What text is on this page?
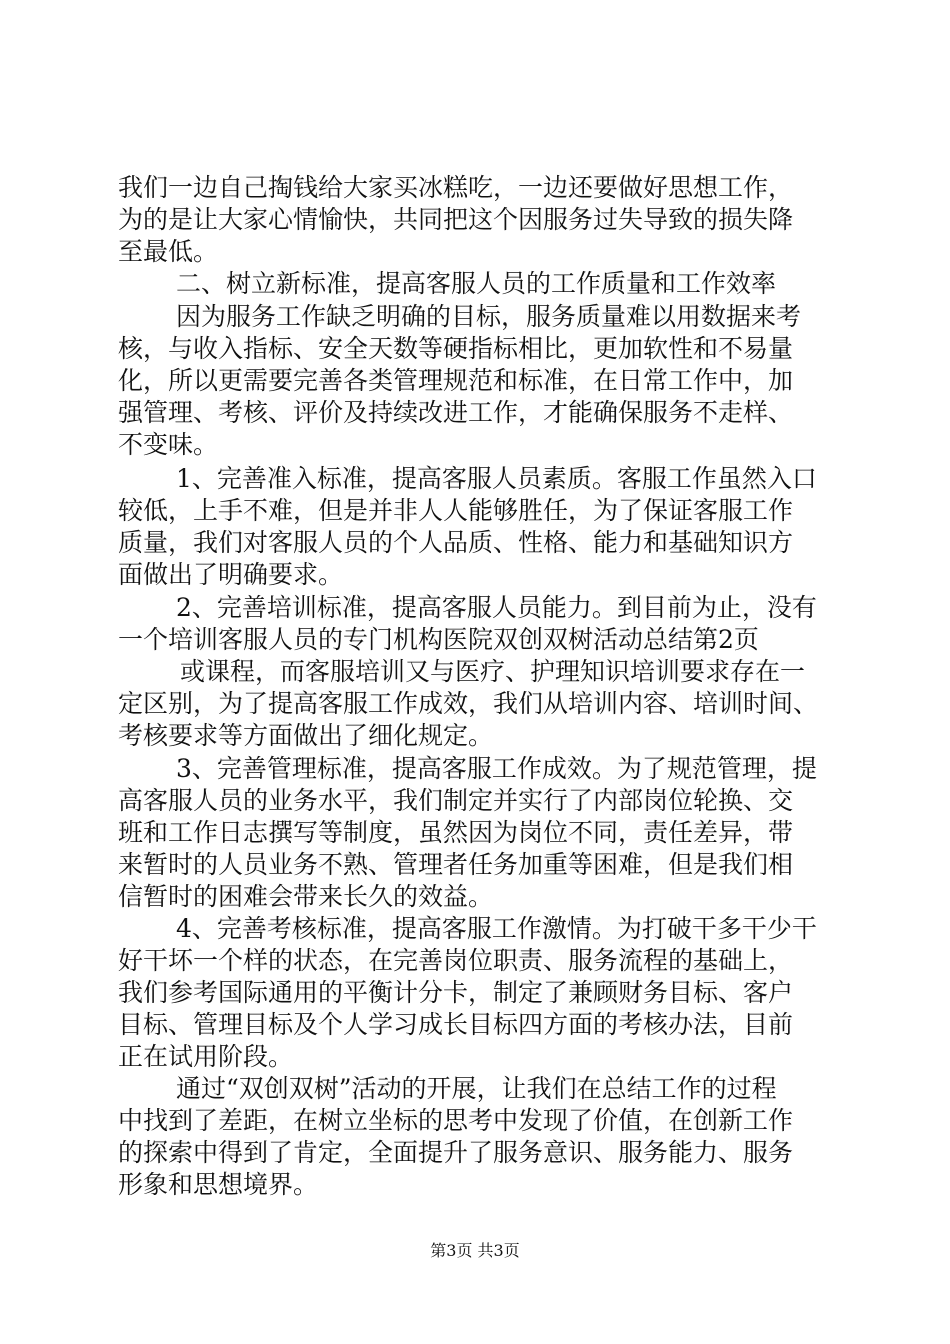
我们一边自己掏钱给大家买冰糕吃，一边还要做好思想工作，
为的是让大家心情愉快，共同把这个因服务过失导致的损失降
至最低。
二、树立新标准，提高客服人员的工作质量和工作效率
因为服务工作缺乏明确的目标，服务质量难以用数据来考
核，与收入指标、安全天数等硬指标相比，更加软性和不易量
化，所以更需要完善各类管理规范和标准，在日常工作中，加
强管理、考核、评价及持续改进工作，才能确保服务不走样、
不变味。
1、完善准入标准，提高客服人员素质。客服工作虽然入口
较低，上手不难，但是并非人人能够胜任，为了保证客服工作
质量，我们对客服人员的个人品质、性格、能力和基础知识方
面做出了明确要求。
2、完善培训标准，提高客服人员能力。到目前为止，没有
一个培训客服人员的专门机构医院双创双树活动总结第2页
或课程，而客服培训又与医疗、护理知识培训要求存在一
定区别，为了提高客服工作成效，我们从培训内容、培训时间、
考核要求等方面做出了细化规定。
3、完善管理标准，提高客服工作成效。为了规范管理，提
高客服人员的业务水平，我们制定并实行了内部岗位轮换、交
班和工作日志撰写等制度，虽然因为岗位不同，责任差异，带
来暂时的人员业务不熟、管理者任务加重等困难，但是我们相
信暂时的困难会带来长久的效益。
4、完善考核标准，提高客服工作激情。为打破干多干少干
好干坏一个样的状态，在完善岗位职责、服务流程的基础上，
我们参考国际通用的平衡计分卡，制定了兼顾财务目标、客户
目标、管理目标及个人学习成长目标四方面的考核办法，目前
正在试用阶段。
通过“双创双树”活动的开展，让我们在总结工作的过程
中找到了差距，在树立坐标的思考中发现了价值，在创新工作
的探索中得到了肯定，全面提升了服务意识、服务能力、服务
形象和思想境界。
第3页 共3页
